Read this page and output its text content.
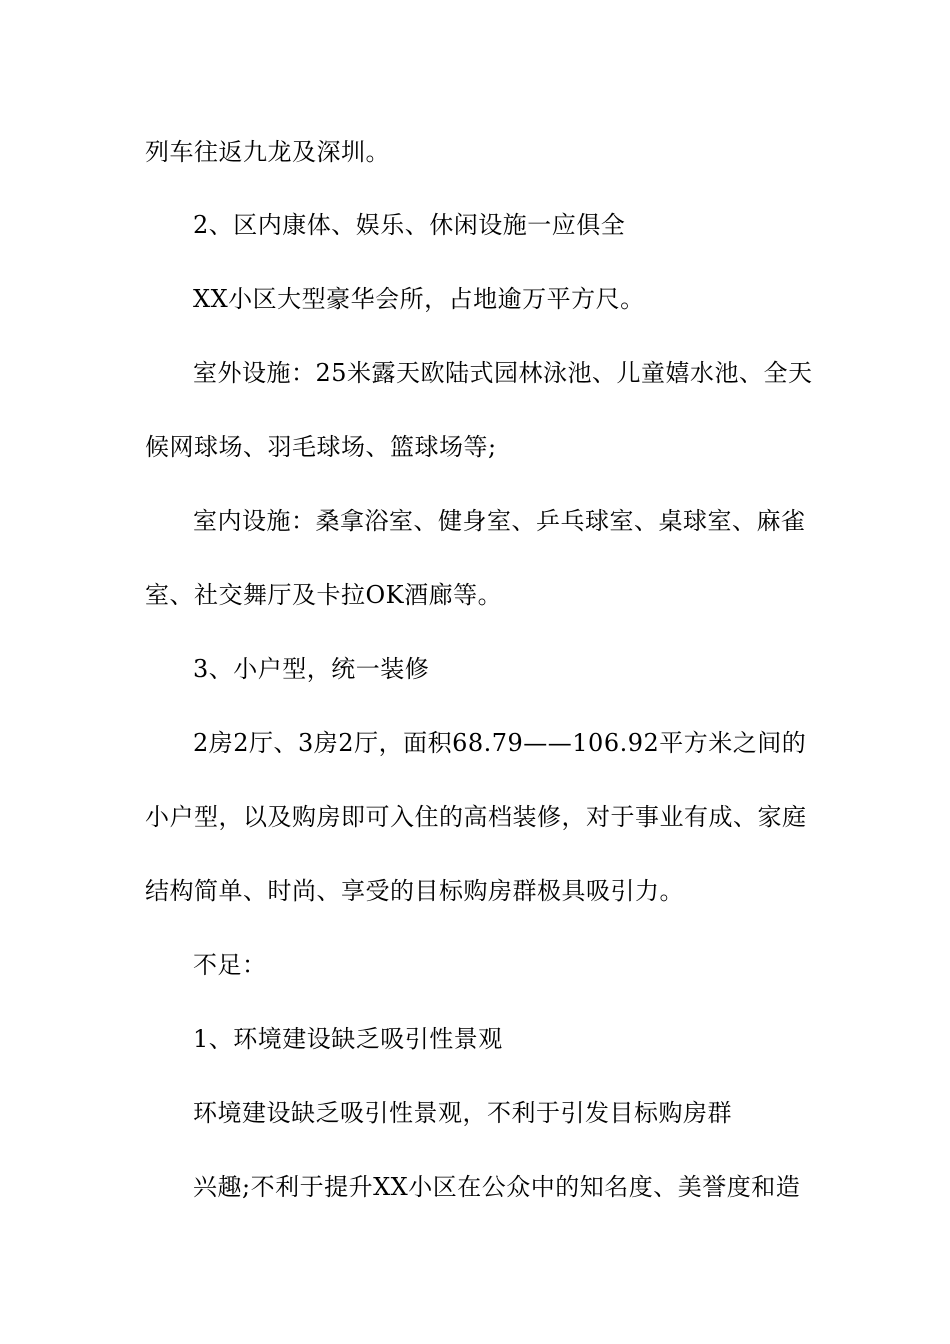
列车往返九龙及深圳。
2、区内康体、娱乐、休闲设施一应俱全
XX小区大型豪华会所，占地逾万平方尺。
室外设施：25米露天欧陆式园林泳池、儿童嬉水池、全天
候网球场、羽毛球场、篮球场等;
室内设施：桑拿浴室、健身室、乒乓球室、桌球室、麻雀
室、社交舞厅及卡拉OK酒廊等。
3、小户型，统一装修
2房2厅、3房2厅，面积68.79——106.92平方米之间的
小户型，以及购房即可入住的高档装修，对于事业有成、家庭
结构简单、时尚、享受的目标购房群极具吸引力。
不足：
1、环境建设缺乏吸引性景观
环境建设缺乏吸引性景观，不利于引发目标购房群
兴趣;不利于提升XX小区在公众中的知名度、美誉度和造
